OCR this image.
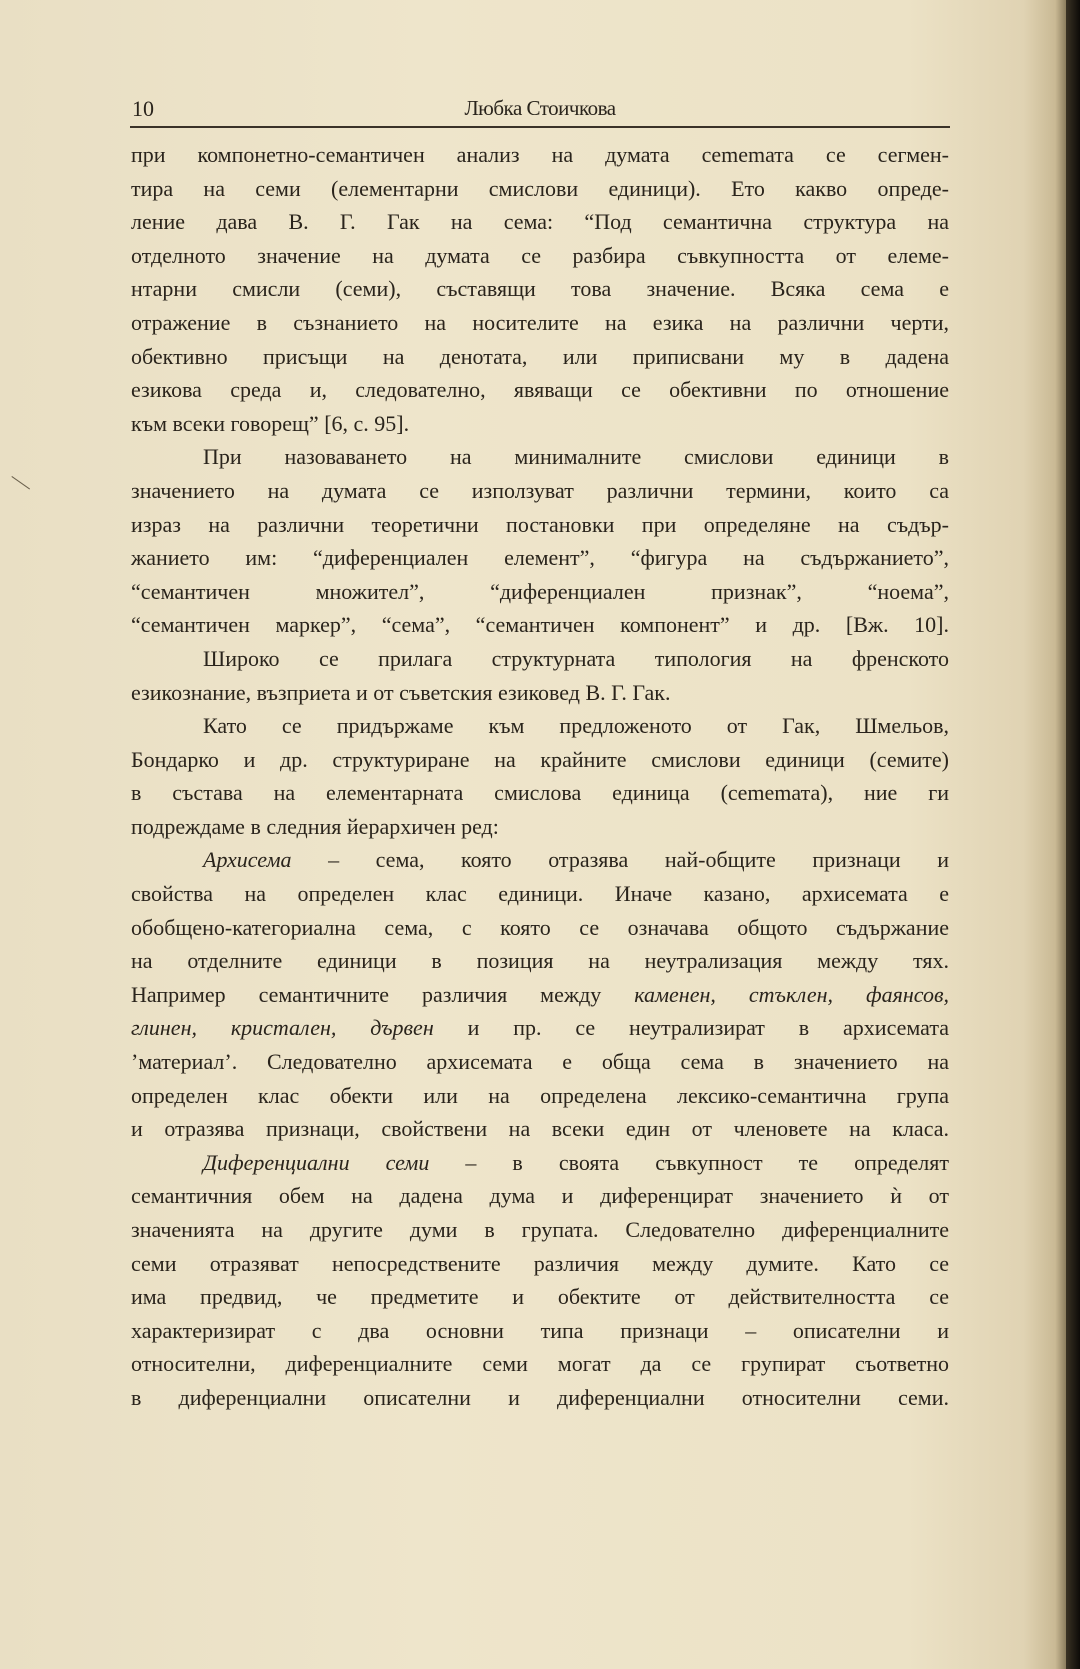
10	Любка Стоичкова
при компонетно-семантичен анализ на думата сememата се сегмен-
тира на семи (елементарни смислови единици). Ето какво опреде-
ление дава В. Г. Гак на сема: “Под семантична структура на
отделното значение на думата се разбира съвкупността от елеме-
нтарни смисли (семи), съставящи това значение. Всяка сема е
отражение в съзнанието на носителите на езика на различни черти,
обективно присъщи на денотата, или приписвани му в дадена
езикова среда и, следователно, явяващи се обективни по отношение
към всеки говорещ” [6, с. 95].
При назоваването на минималните смислови единици в
значението на думата се използуват различни термини, които са
израз на различни теоретични постановки при определяне на съдър-
жанието им: “диференциален елемент”, “фигура на съдържанието”,
“семантичен множител”, “диференциален признак”, “ноема”,
“семантичен маркер”, “сема”, “семантичен компонент” и др. [Вж. 10].
Широко се прилага структурната типология на френското
езикознание, възприета и от съветския езиковед В. Г. Гак.
Като се придържаме към предложеното от Гак, Шмельов,
Бондарко и др. структуриране на крайните смислови единици (семите)
в състава на елементарната смислова единица (сememата), ние ги
подреждаме в следния йерархичен ред:
Архисема – сема, която отразява най-общите признаци и
свойства на определен клас единици. Иначе казано, архисемата е
обобщено-категориална сема, с която се означава общото съдържание
на отделните единици в позиция на неутрализация между тях.
Например семантичните различия между каменен, стъклен, фаянсов,
глинен, кристален, дървен и пр. се неутрализират в архисемата
’материал’. Следователно архисемата е обща сема в значението на
определен клас обекти или на определена лексико-семантична група
и отразява признаци, свойствени на всеки един от членовете на класа.
Диференциални семи – в своята съвкупност те определят
семантичния обем на дадена дума и диференцират значението ѝ от
значенията на другите думи в групата. Следователно диференциалните
семи отразяват непосредствените различия между думите. Като се
има предвид, че предметите и обектите от действителността се
характеризират с два основни типа признаци – описателни и
относителни, диференциалните семи могат да се групират съответно
в диференциални описателни и диференциални относителни семи.
